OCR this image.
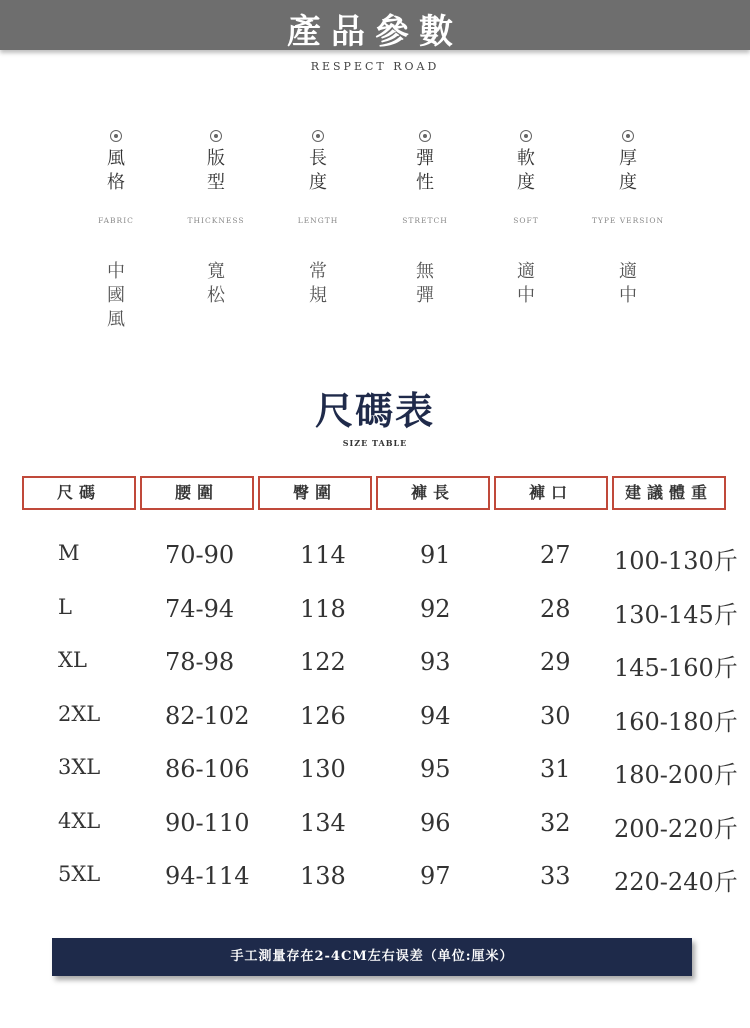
產品參數
RESPECT ROAD
風
格
FABRIC
中
國
風
版
型
THICKNESS
寬
松
長
度
LENGTH
常
規
彈
性
STRETCH
無
彈
軟
度
SOFT
適
中
厚
度
TYPE VERSION
適
中
尺碼表
SIZE TABLE
尺碼	腰圍	臀圍	褲長	褲口	建議體重
M	70-90	114	91	27 100-130斤
L	74-94	118	92	28 130-145斤
XL	78-98	122	93	29 145-160斤
2XL	82-102 126	94	30 160-180斤
3XL	86-106 130	95	31 180-200斤
4XL	90-110 134	96	32 200-220斤
5XL	94-114 138	97	33 220-240斤
手工測量存在2-4CM左右误差（单位:厘米）
